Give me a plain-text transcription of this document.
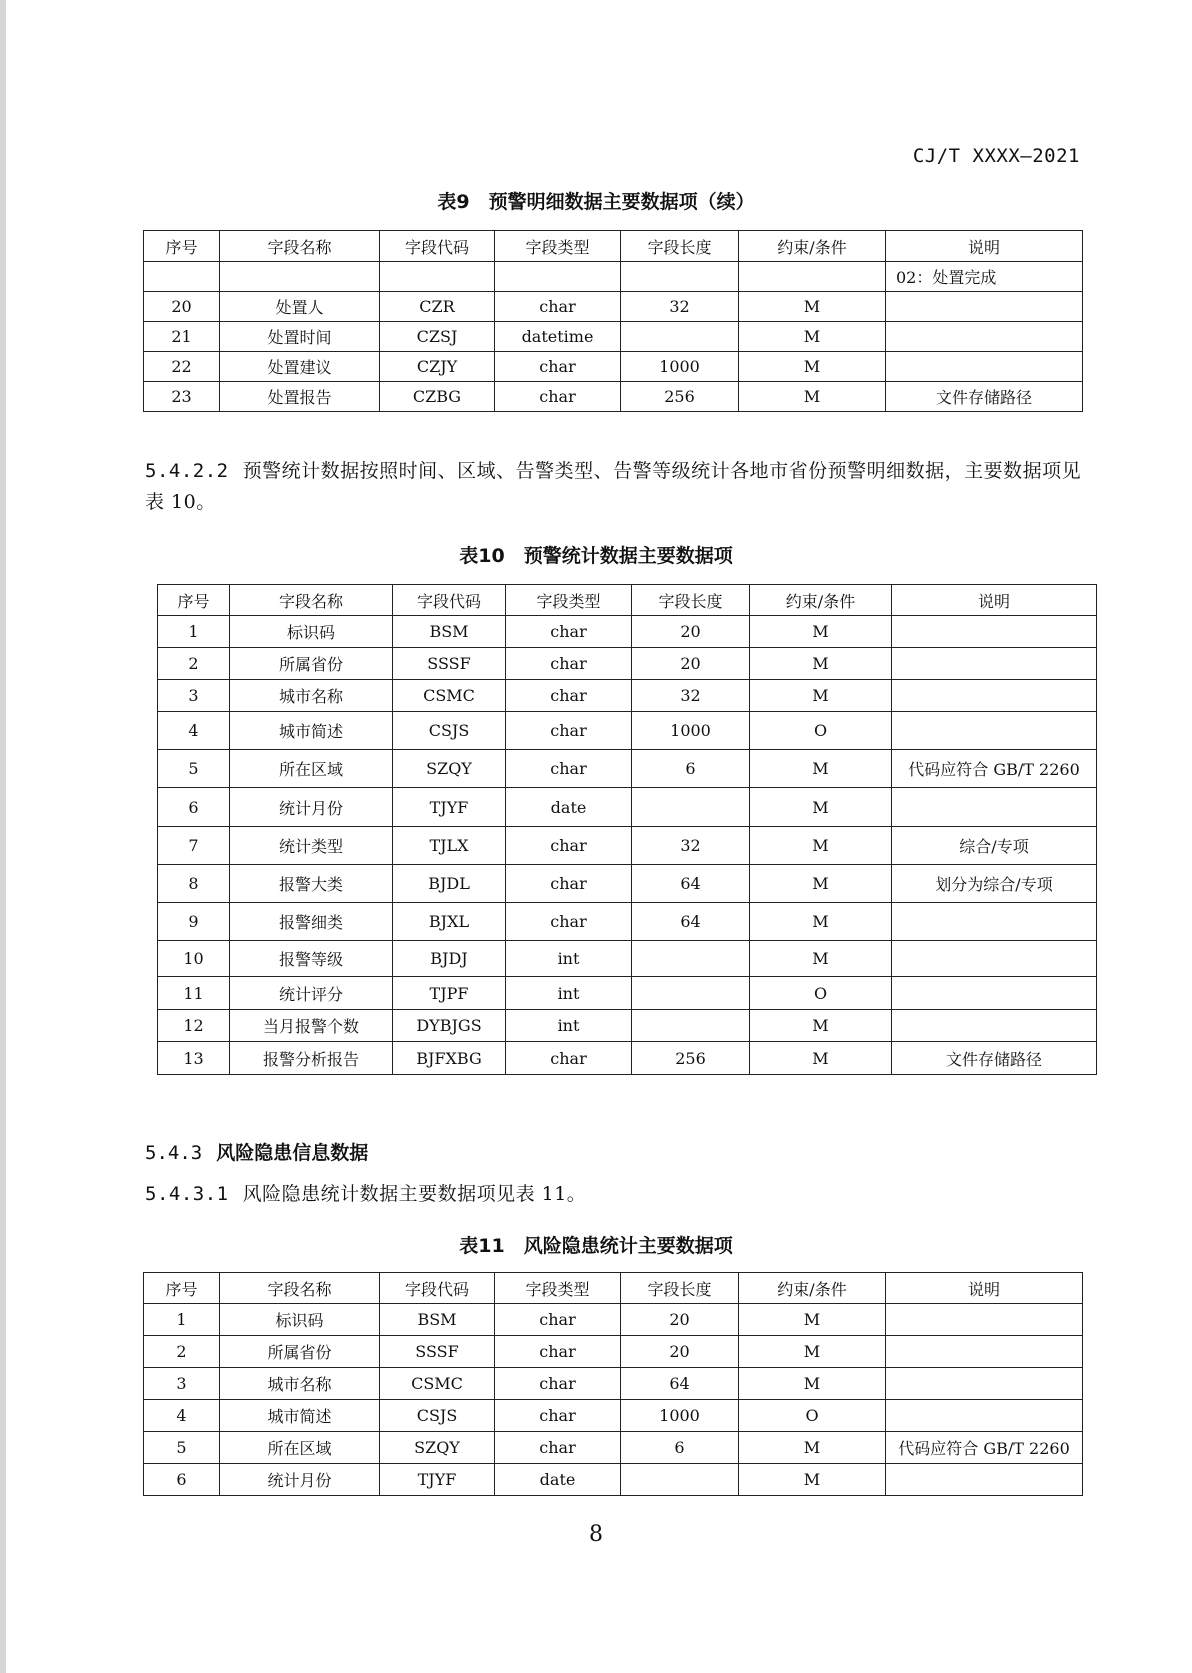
CJ/T XXXX—2021
表9　预警明细数据主要数据项（续）
序号	字段名称	字段代码	字段类型	字段长度	约束/条件	说明
						02：处置完成
20	处置人	CZR	char	32	M	
21	处置时间	CZSJ	datetime		M	
22	处置建议	CZJY	char	1000	M	
23	处置报告	CZBG	char	256	M	文件存储路径
5.4.2.2 预警统计数据按照时间、区域、告警类型、告警等级统计各地市省份预警明细数据，主要数据项见表 10。
表10　预警统计数据主要数据项
序号	字段名称	字段代码	字段类型	字段长度	约束/条件	说明
1	标识码	BSM	char	20	M	
2	所属省份	SSSF	char	20	M	
3	城市名称	CSMC	char	32	M	
4	城市简述	CSJS	char	1000	O	
5	所在区域	SZQY	char	6	M	代码应符合 GB/T 2260
6	统计月份	TJYF	date		M	
7	统计类型	TJLX	char	32	M	综合/专项
8	报警大类	BJDL	char	64	M	划分为综合/专项
9	报警细类	BJXL	char	64	M	
10	报警等级	BJDJ	int		M	
11	统计评分	TJPF	int		O	
12	当月报警个数	DYBJGS	int		M	
13	报警分析报告	BJFXBG	char	256	M	文件存储路径
5.4.3 风险隐患信息数据
5.4.3.1 风险隐患统计数据主要数据项见表 11。
表11　风险隐患统计主要数据项
序号	字段名称	字段代码	字段类型	字段长度	约束/条件	说明
1	标识码	BSM	char	20	M	
2	所属省份	SSSF	char	20	M	
3	城市名称	CSMC	char	64	M	
4	城市简述	CSJS	char	1000	O	
5	所在区域	SZQY	char	6	M	代码应符合 GB/T 2260
6	统计月份	TJYF	date		M	
8
